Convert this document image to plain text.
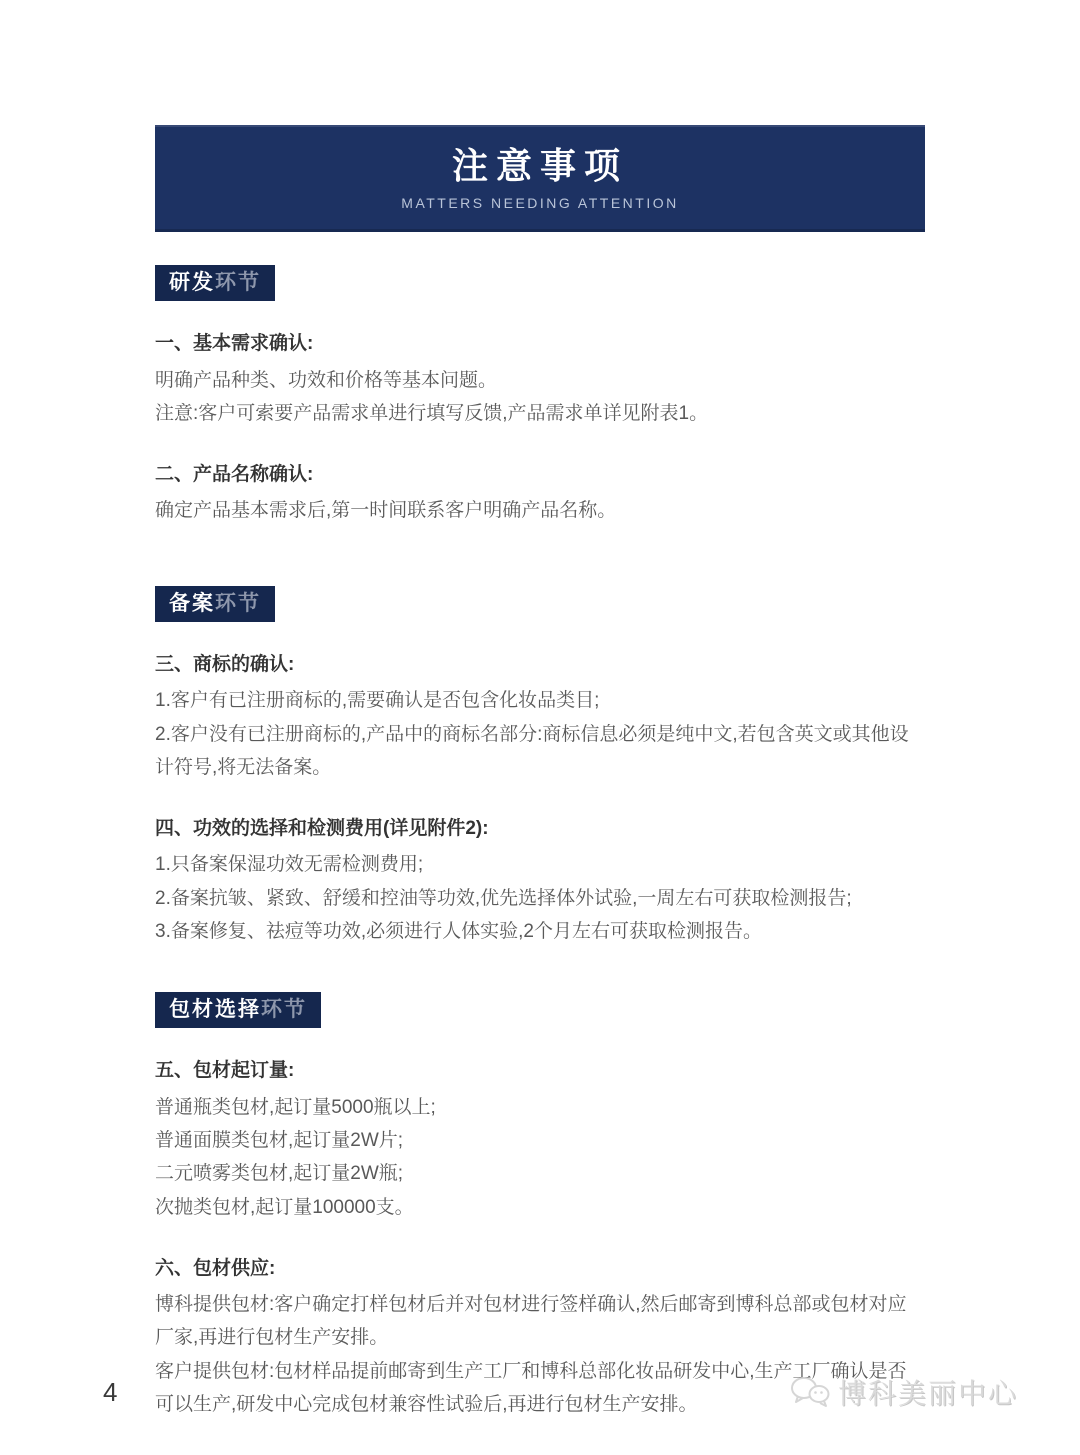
注意事项
MATTERS NEEDING ATTENTION
研发环节

一、基本需求确认:

明确产品种类、功效和价格等基本问题。

注意:客户可索要产品需求单进行填写反馈,产品需求单详见附表1。

二、产品名称确认:

确定产品基本需求后,第一时间联系客户明确产品名称。

备案环节

三、商标的确认:

1.客户有已注册商标的,需要确认是否包含化妆品类目;

2.客户没有已注册商标的,产品中的商标名部分:商标信息必须是纯中文,若包含英文或其他设计符号,将无法备案。

四、功效的选择和检测费用(详见附件2):

1.只备案保湿功效无需检测费用;

2.备案抗皱、紧致、舒缓和控油等功效,优先选择体外试验,一周左右可获取检测报告;

3.备案修复、祛痘等功效,必须进行人体实验,2个月左右可获取检测报告。

包材选择环节

五、包材起订量:

普通瓶类包材,起订量5000瓶以上;

普通面膜类包材,起订量2W片;

二元喷雾类包材,起订量2W瓶;

次抛类包材,起订量100000支。

六、包材供应:

博科提供包材:客户确定打样包材后并对包材进行签样确认,然后邮寄到博科总部或包材对应厂家,再进行包材生产安排。

客户提供包材:包材样品提前邮寄到生产工厂和博科总部化妆品研发中心,生产工厂确认是否可以生产,研发中心完成包材兼容性试验后,再进行包材生产安排。

4	博科美丽中心
